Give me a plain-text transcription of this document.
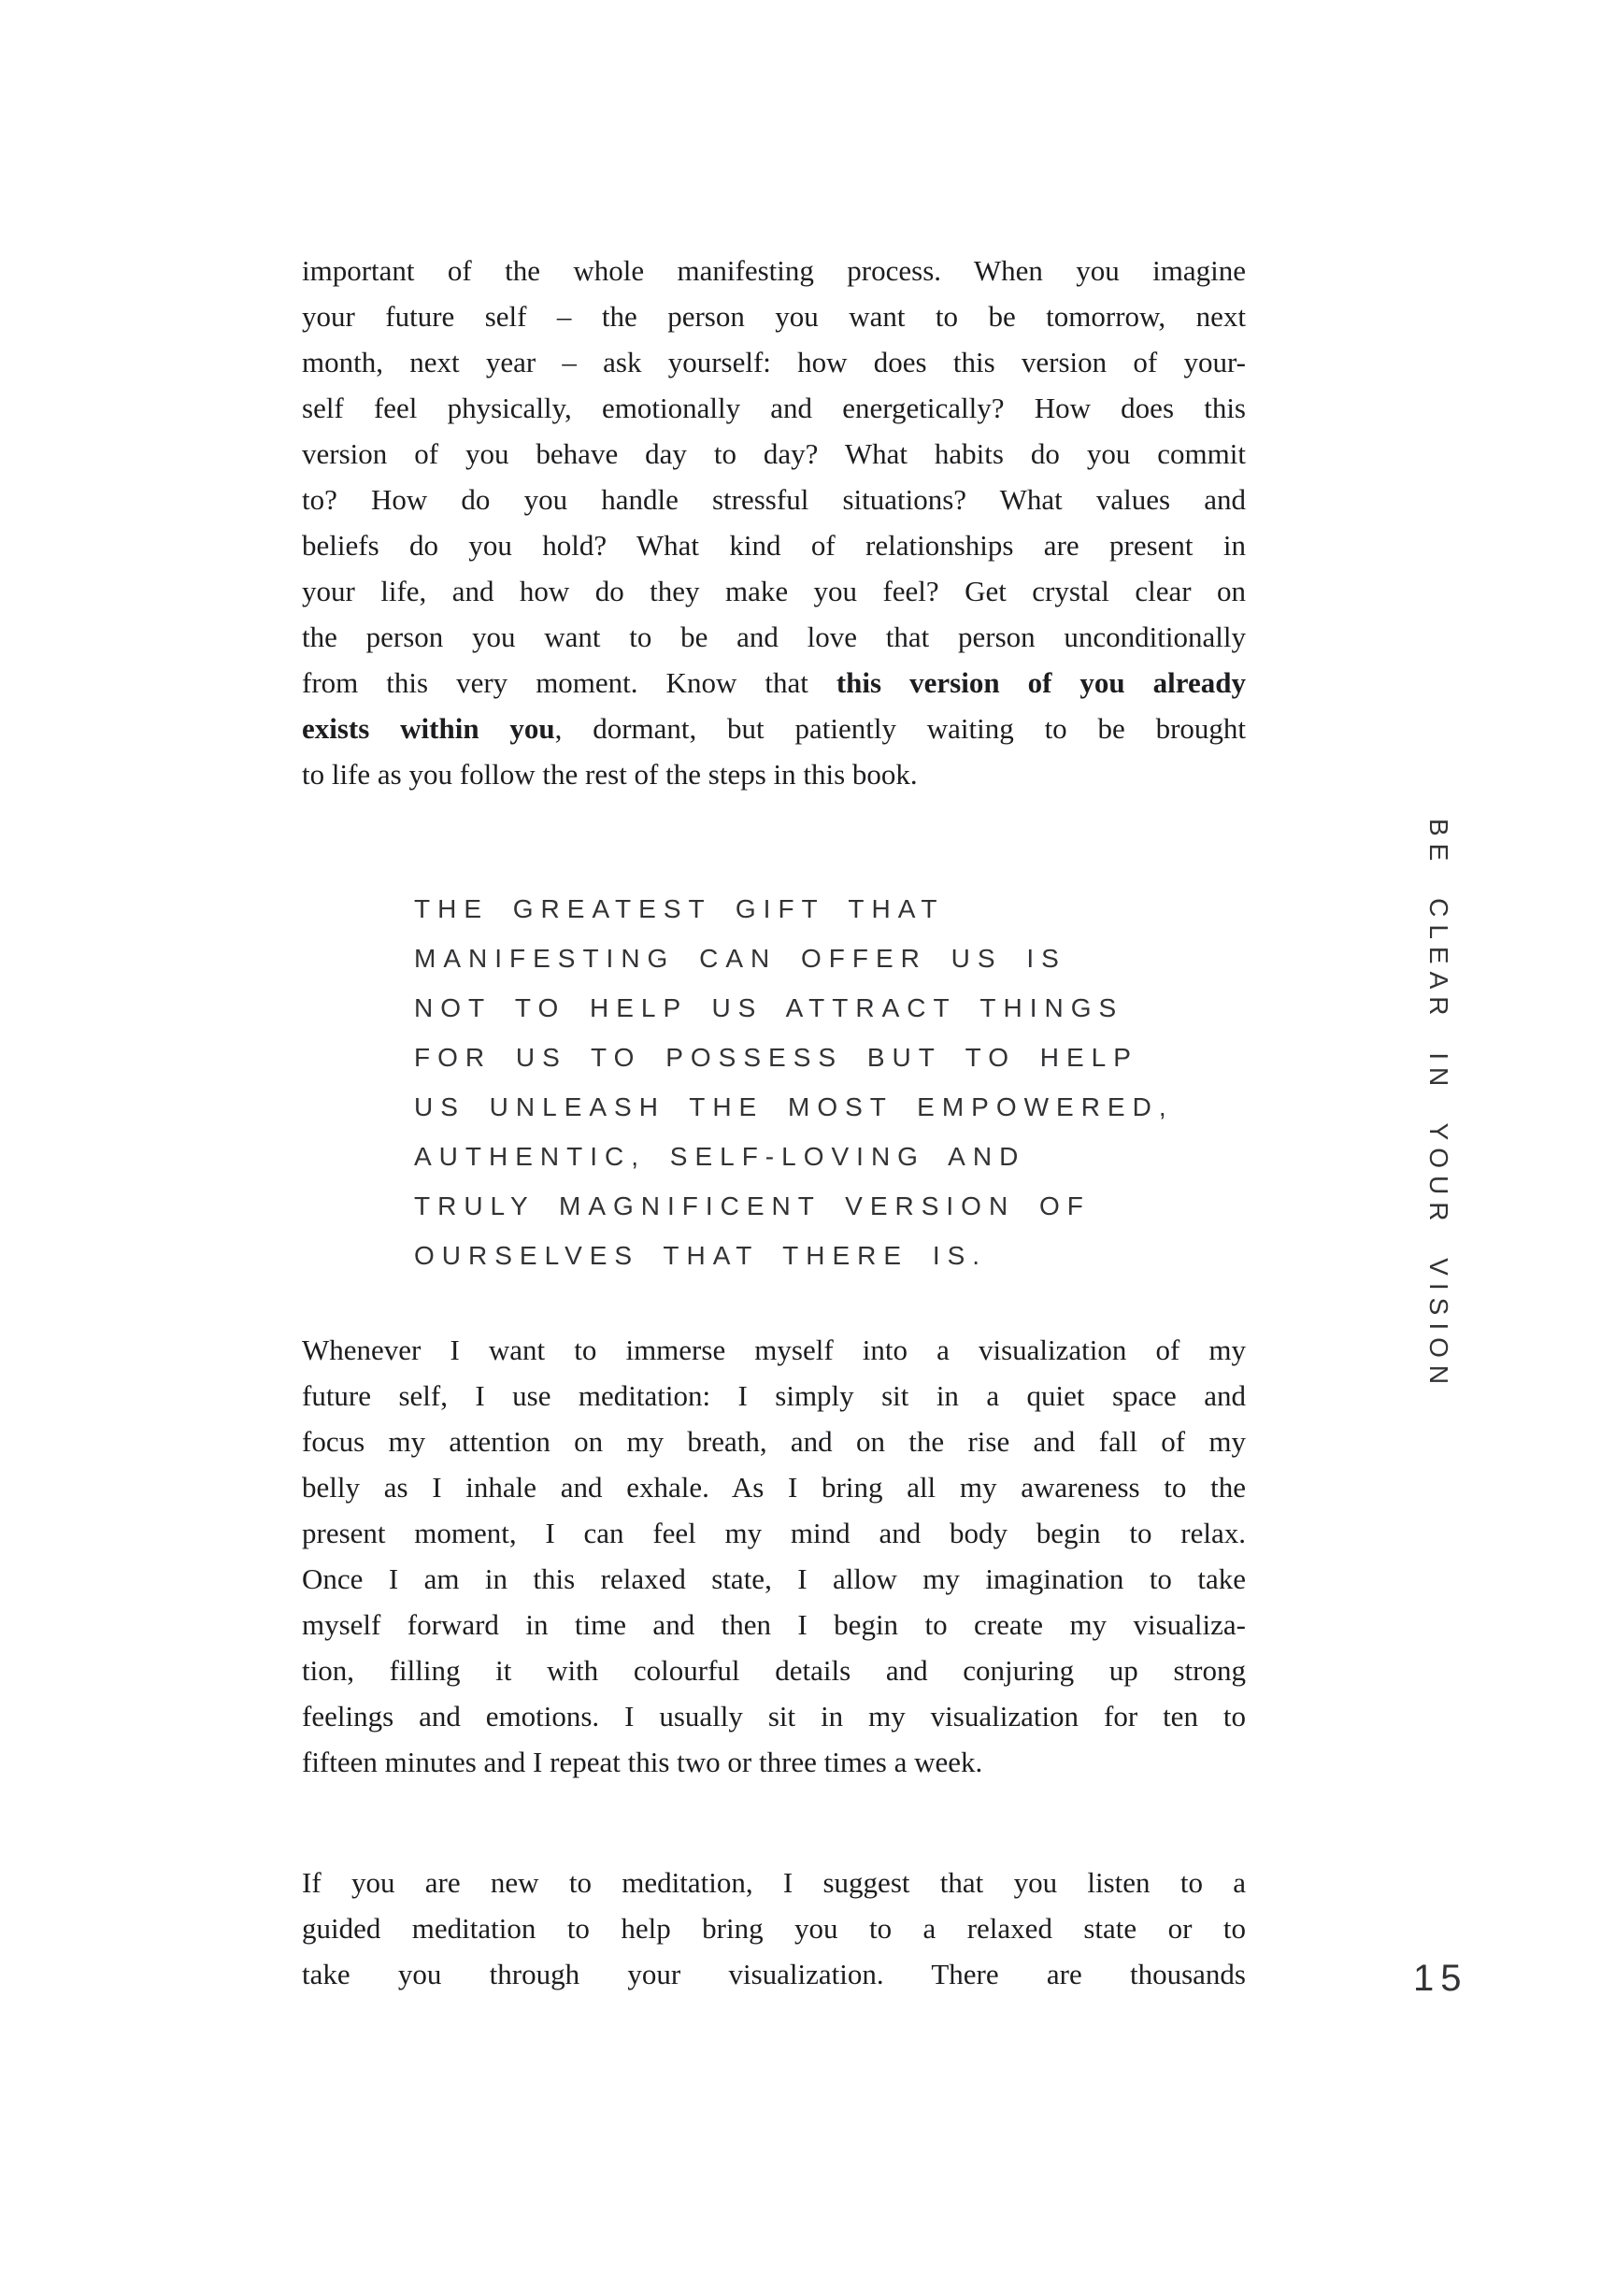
important of the whole manifesting process. When you imagine
your future self – the person you want to be tomorrow, next
month, next year – ask yourself: how does this version of your-
self feel physically, emotionally and energetically? How does this
version of you behave day to day? What habits do you commit
to? How do you handle stressful situations? What values and
beliefs do you hold? What kind of relationships are present in
your life, and how do they make you feel? Get crystal clear on
the person you want to be and love that person unconditionally
from this very moment. Know that this version of you already
exists within you, dormant, but patiently waiting to be brought
to life as you follow the rest of the steps in this book.
THE GREATEST GIFT THAT
MANIFESTING CAN OFFER US IS
NOT TO HELP US ATTRACT THINGS
FOR US TO POSSESS BUT TO HELP
US UNLEASH THE MOST EMPOWERED,
AUTHENTIC, SELF-LOVING AND
TRULY MAGNIFICENT VERSION OF
OURSELVES THAT THERE IS.
Whenever I want to immerse myself into a visualization of my
future self, I use meditation: I simply sit in a quiet space and
focus my attention on my breath, and on the rise and fall of my
belly as I inhale and exhale. As I bring all my awareness to the
present moment, I can feel my mind and body begin to relax.
Once I am in this relaxed state, I allow my imagination to take
myself forward in time and then I begin to create my visualiza-
tion, filling it with colourful details and conjuring up strong
feelings and emotions. I usually sit in my visualization for ten to
fifteen minutes and I repeat this two or three times a week.
If you are new to meditation, I suggest that you listen to a
guided meditation to help bring you to a relaxed state or to
take you through your visualization. There are thousands
BE CLEAR IN YOUR VISION
15
